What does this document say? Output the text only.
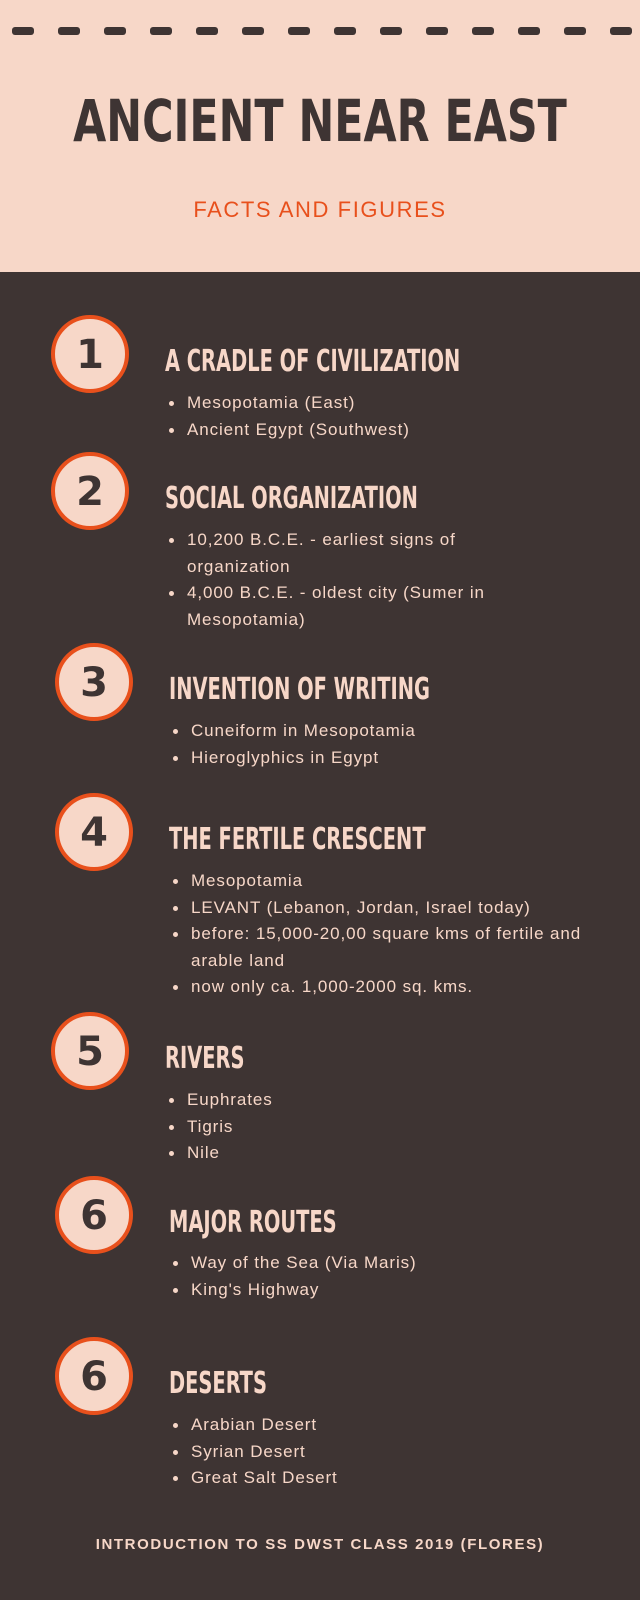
ANCIENT NEAR EAST
FACTS AND FIGURES
1	A CRADLE OF CIVILIZATION
Mesopotamia (East)
Ancient Egypt (Southwest)
2	SOCIAL ORGANIZATION
10,200 B.C.E. - earliest signs of organization
4,000 B.C.E. - oldest city (Sumer in Mesopotamia)
3	INVENTION OF WRITING
Cuneiform in Mesopotamia
Hieroglyphics in Egypt
4	THE FERTILE CRESCENT
Mesopotamia
LEVANT (Lebanon, Jordan, Israel today)
before: 15,000-20,00 square kms of fertile and arable land
now only ca. 1,000-2000 sq. kms.
5	RIVERS
Euphrates
Tigris
Nile
6	MAJOR ROUTES
Way of the Sea (Via Maris)
King's Highway
6	DESERTS
Arabian Desert
Syrian Desert
Great Salt Desert
INTRODUCTION TO SS DWST CLASS 2019 (FLORES)
